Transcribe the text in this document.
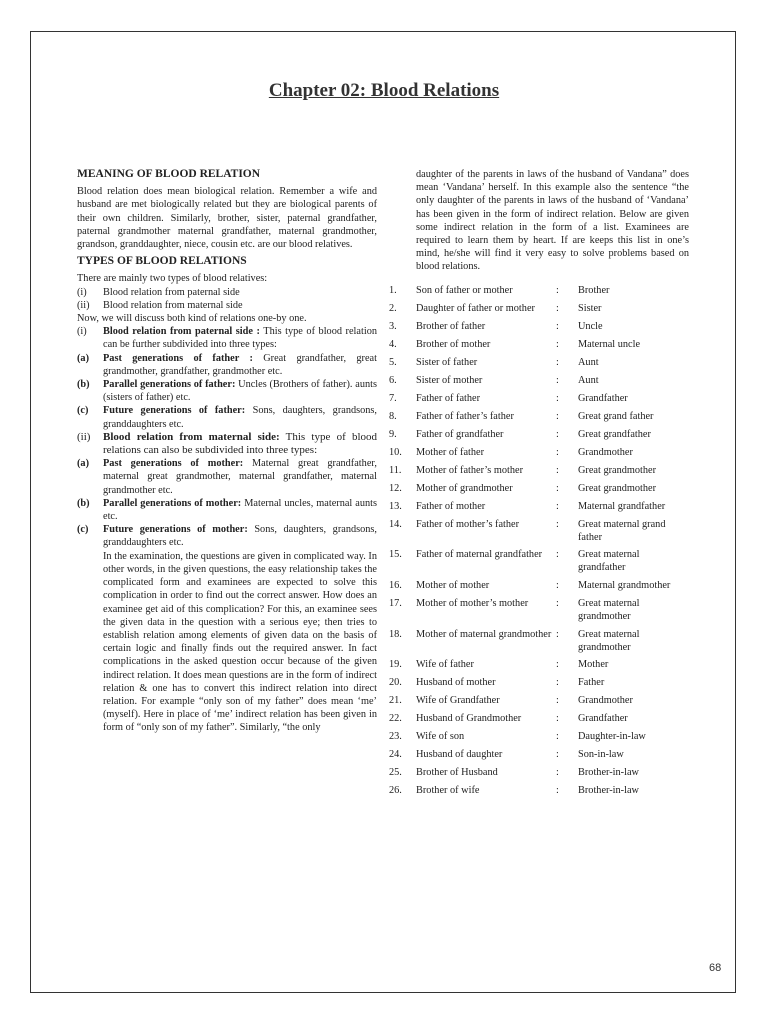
Chapter 02: Blood Relations
MEANING OF BLOOD RELATION

Blood relation does mean biological relation. Remember a wife and husband are met biologically related but they are biological parents of their own children. Similarly, brother, sister, paternal grandfather, paternal grandmother maternal grandfather, maternal grandmother, grandson, granddaughter, niece, cousin etc. are our blood relatives.

TYPES OF BLOOD RELATIONS
There are mainly two types of blood relatives:
(i)	Blood relation from paternal side
(ii)	Blood relation from maternal side
Now, we will discuss both kind of relations one-by one.
(i)	Blood relation from paternal side : This type of blood relation can be further subdivided into three types:
(a)	Past generations of father : Great grandfather, great grandmother, grandfather, grandmother etc.
(b)	Parallel generations of father: Uncles (Brothers of father). aunts (sisters of father) etc.
(c)	Future generations of father: Sons, daughters, grandsons, granddaughters etc.
(ii)	Blood relation from maternal side: This type of blood relations can also be subdivided into three types:
(a)	Past generations of mother: Maternal great grandfather, maternal great grandmother, maternal grandfather, maternal grandmother etc.
(b)	Parallel generations of mother: Maternal uncles, maternal aunts etc.
(c)	Future generations of mother: Sons, daughters, grandsons, granddaughters etc.
In the examination, the questions are given in complicated way. In other words, in the given questions, the easy relationship takes the complicated form and examinees are expected to solve this complication in order to find out the correct answer. How does an examinee get aid of this complication? For this, an examinee sees the given data in the question with a serious eye; then tries to establish relation among elements of given data on the basis of certain logic and finally finds out the required answer. In fact complications in the asked question occur because of the given indirect relation. It does mean questions are in the form of indirect relation & one has to convert this indirect relation into direct relation. For example “only son of my father” does mean ‘me’ (myself). Here in place of ‘me’ indirect relation has been given in form of “only son of my father”. Similarly, “the only
daughter of the parents in laws of the husband of Vandana” does mean ‘Vandana’ herself. In this example also the sentence “the only daughter of the parents in laws of the husband of ‘Vandana’ has been given in the form of indirect relation. Below are given some indirect relation in the form of a list. Examinees are required to learn them by heart. If are keeps this list in one’s mind, he/she will find it very easy to solve problems based on blood relations.
1.	Son of father or mother	:	Brother
2.	Daughter of father or mother	:	Sister
3.	Brother of father	:	Uncle
4.	Brother of mother	:	Maternal uncle
5.	Sister of father	:	Aunt
6.	Sister of mother	:	Aunt
7.	Father of father	:	Grandfather
8.	Father of father’s father	:	Great grand father
9.	Father of grandfather	:	Great grandfather
10.	Mother of father	:	Grandmother
11.	Mother of father’s mother	:	Great grandmother
12.	Mother of grandmother	:	Great grandmother
13.	Father of mother	:	Maternal grandfather
14.	Father of mother’s father	:	Great maternal grand father
15.	Father of maternal grandfather	:	Great maternal grandfather
16.	Mother of mother	:	Maternal grandmother
17.	Mother of mother’s mother	:	Great maternal grandmother
18.	Mother of maternal grandmother :	Great maternal grandmother
19.	Wife of father	:	Mother
20.	Husband of mother	:	Father
21.	Wife of Grandfather	:	Grandmother
22.	Husband of Grandmother	:	Grandfather
23.	Wife of son	:	Daughter-in-law
24.	Husband of daughter	:	Son-in-law
25.	Brother of Husband	:	Brother-in-law
26.	Brother of wife	:	Brother-in-law
68
